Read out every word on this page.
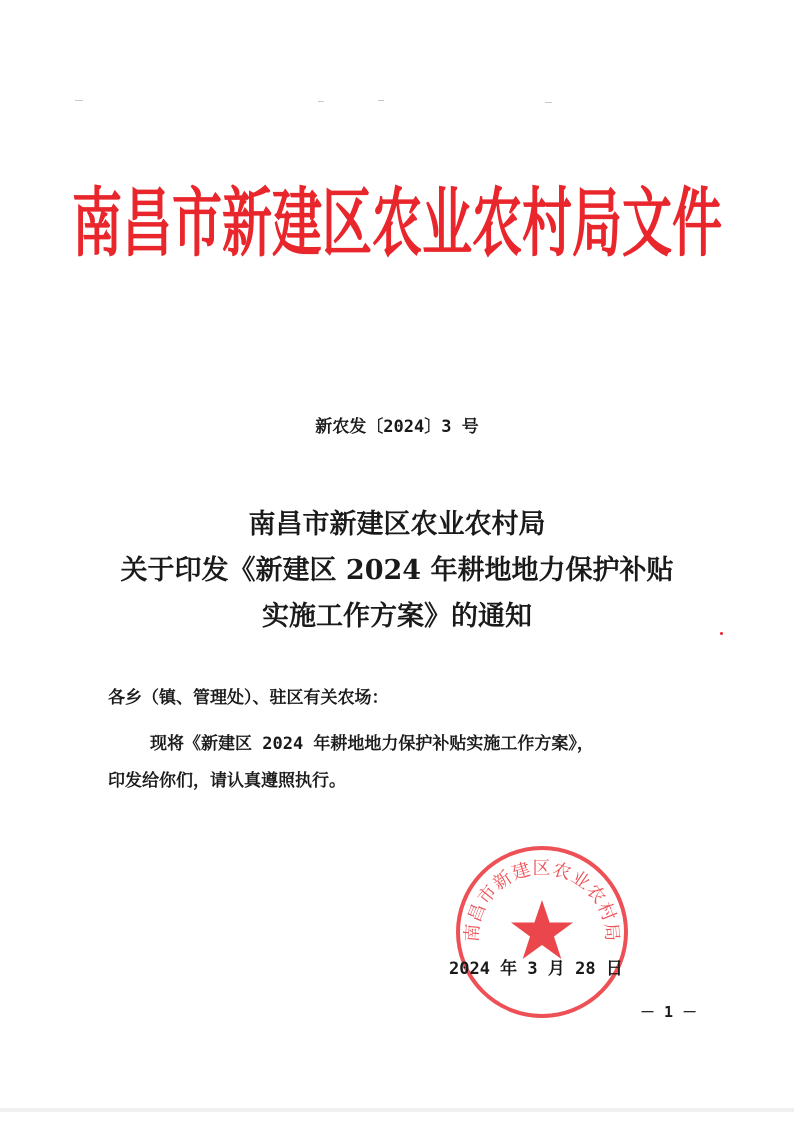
南昌市新建区农业农村局文件
新农发〔2024〕3 号
南昌市新建区农业农村局
关于印发《新建区 2024 年耕地地力保护补贴
实施工作方案》的通知
各乡（镇、管理处）、驻区有关农场：
现将《新建区 2024 年耕地地力保护补贴实施工作方案》，
印发给你们，请认真遵照执行。
南昌市新建区农业农村局
2024 年 3 月 28 日
－ 1 －
